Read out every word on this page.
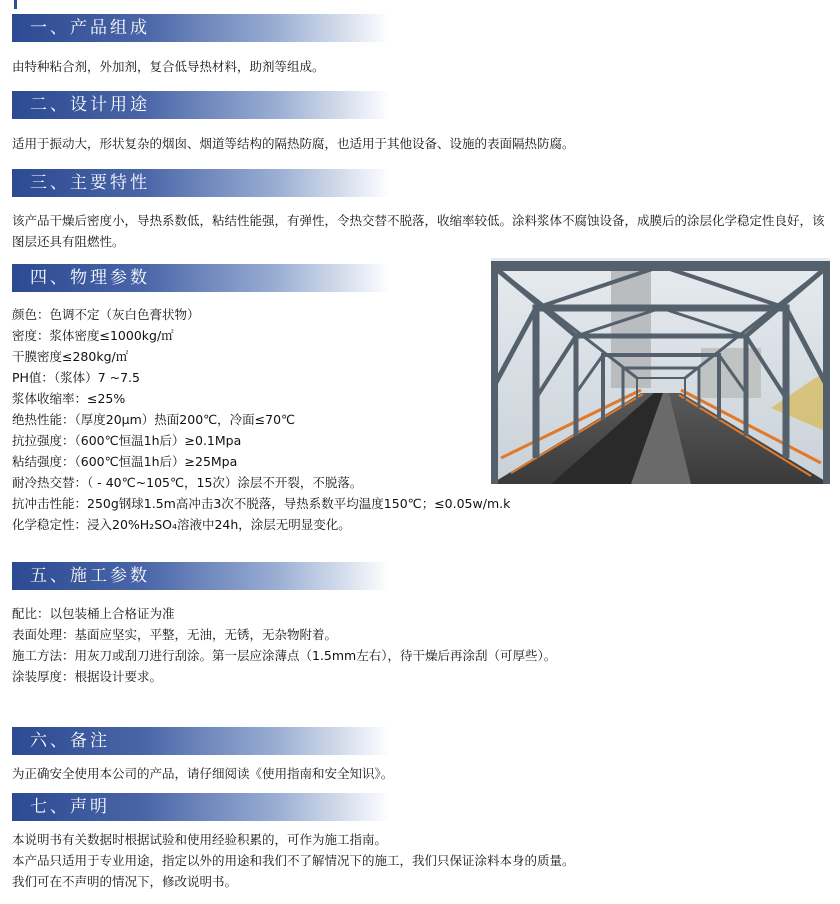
一、产品组成

由特种粘合剂，外加剂，复合低导热材料，助剂等组成。

二、设计用途

适用于振动大，形状复杂的烟囱、烟道等结构的隔热防腐，也适用于其他设备、设施的表面隔热防腐。

三、主要特性

该产品干燥后密度小，导热系数低，粘结性能强，有弹性，令热交替不脱落，收缩率较低。涂料浆体不腐蚀设备，成膜后的涂层化学稳定性良好，该图层还具有阻燃性。

四、物理参数
颜色：色调不定（灰白色膏状物）
密度：浆体密度≤1000kg/㎡
干膜密度≤280kg/㎡
PH值：（浆体）7 ~7.5
浆体收缩率：≤25%
绝热性能：（厚度20μm）热面200℃，冷面≤70℃
抗拉强度：（600℃恒温1h后）≥0.1Mpa
粘结强度：（600℃恒温1h后）≥25Mpa
耐冷热交替：（ - 40℃~105℃，15次）涂层不开裂，不脱落。
抗冲击性能：250g钢球1.5m高冲击3次不脱落，导热系数平均温度150℃；≤0.05w/m.k
化学稳定性：浸入20%H₂SO₄溶液中24h，涂层无明显变化。
五、施工参数
配比：以包装桶上合格证为准
表面处理：基面应坚实，平整，无油，无锈，无杂物附着。
施工方法：用灰刀或刮刀进行刮涂。第一层应涂薄点（1.5mm左右），待干燥后再涂刮（可厚些）。
涂装厚度：根据设计要求。
六、备注

为正确安全使用本公司的产品，请仔细阅读《使用指南和安全知识》。

七、声明
本说明书有关数据时根据试验和使用经验积累的，可作为施工指南。
本产品只适用于专业用途，指定以外的用途和我们不了解情况下的施工，我们只保证涂料本身的质量。
我们可在不声明的情况下，修改说明书。
